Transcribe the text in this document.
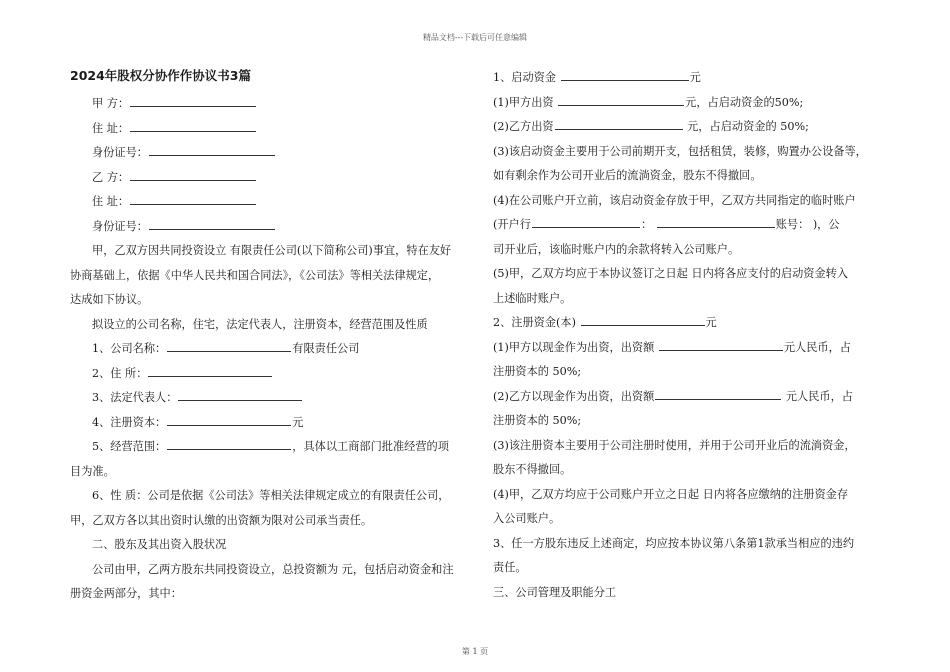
精品文档---下载后可任意编辑
2024年股权分协作作协议书3篇
甲 方：
住 址：
身份证号：
乙 方：
住 址：
身份证号：
甲，乙双方因共同投资设立 有限责任公司(以下简称公司)事宜，特在友好
协商基础上，依据《中华人民共和国合同法》，《公司法》等相关法律规定，
达成如下协议。
拟设立的公司名称，住宅，法定代表人，注册资本，经营范围及性质
1、公司名称：	有限责任公司
2、住 所：
3、法定代表人：
4、注册资本：	元
5、经营范围：	，具体以工商部门批准经营的项
目为准。
6、性 质：公司是依据《公司法》等相关法律规定成立的有限责任公司，
甲，乙双方各以其出资时认缴的出资额为限对公司承当责任。
二、股东及其出资入股状况
公司由甲，乙两方股东共同投资设立，总投资额为 元，包括启动资金和注
册资金两部分，其中：
1、启动资金	元
(1)甲方出资	元，占启动资金的50%;
(2)乙方出资	元，占启动资金的 50%;
(3)该启动资金主要用于公司前期开支，包括租赁，装修，购置办公设备等，
如有剩余作为公司开业后的流淌资金，股东不得撤回。
(4)在公司账户开立前，该启动资金存放于甲，乙双方共同指定的临时账户
(开户行	：	账号： )，公
司开业后，该临时账户内的余款将转入公司账户。
(5)甲，乙双方均应于本协议签订之日起 日内将各应支付的启动资金转入
上述临时账户。
2、注册资金(本)	元
(1)甲方以现金作为出资，出资额	元人民币，占
注册资本的 50%;
(2)乙方以现金作为出资，出资额	元人民币，占
注册资本的 50%;
(3)该注册资本主要用于公司注册时使用，并用于公司开业后的流淌资金，
股东不得撤回。
(4)甲，乙双方均应于公司账户开立之日起 日内将各应缴纳的注册资金存
入公司账户。
3、任一方股东违反上述商定，均应按本协议第八条第1款承当相应的违约
责任。
三、公司管理及职能分工
第 1 页
